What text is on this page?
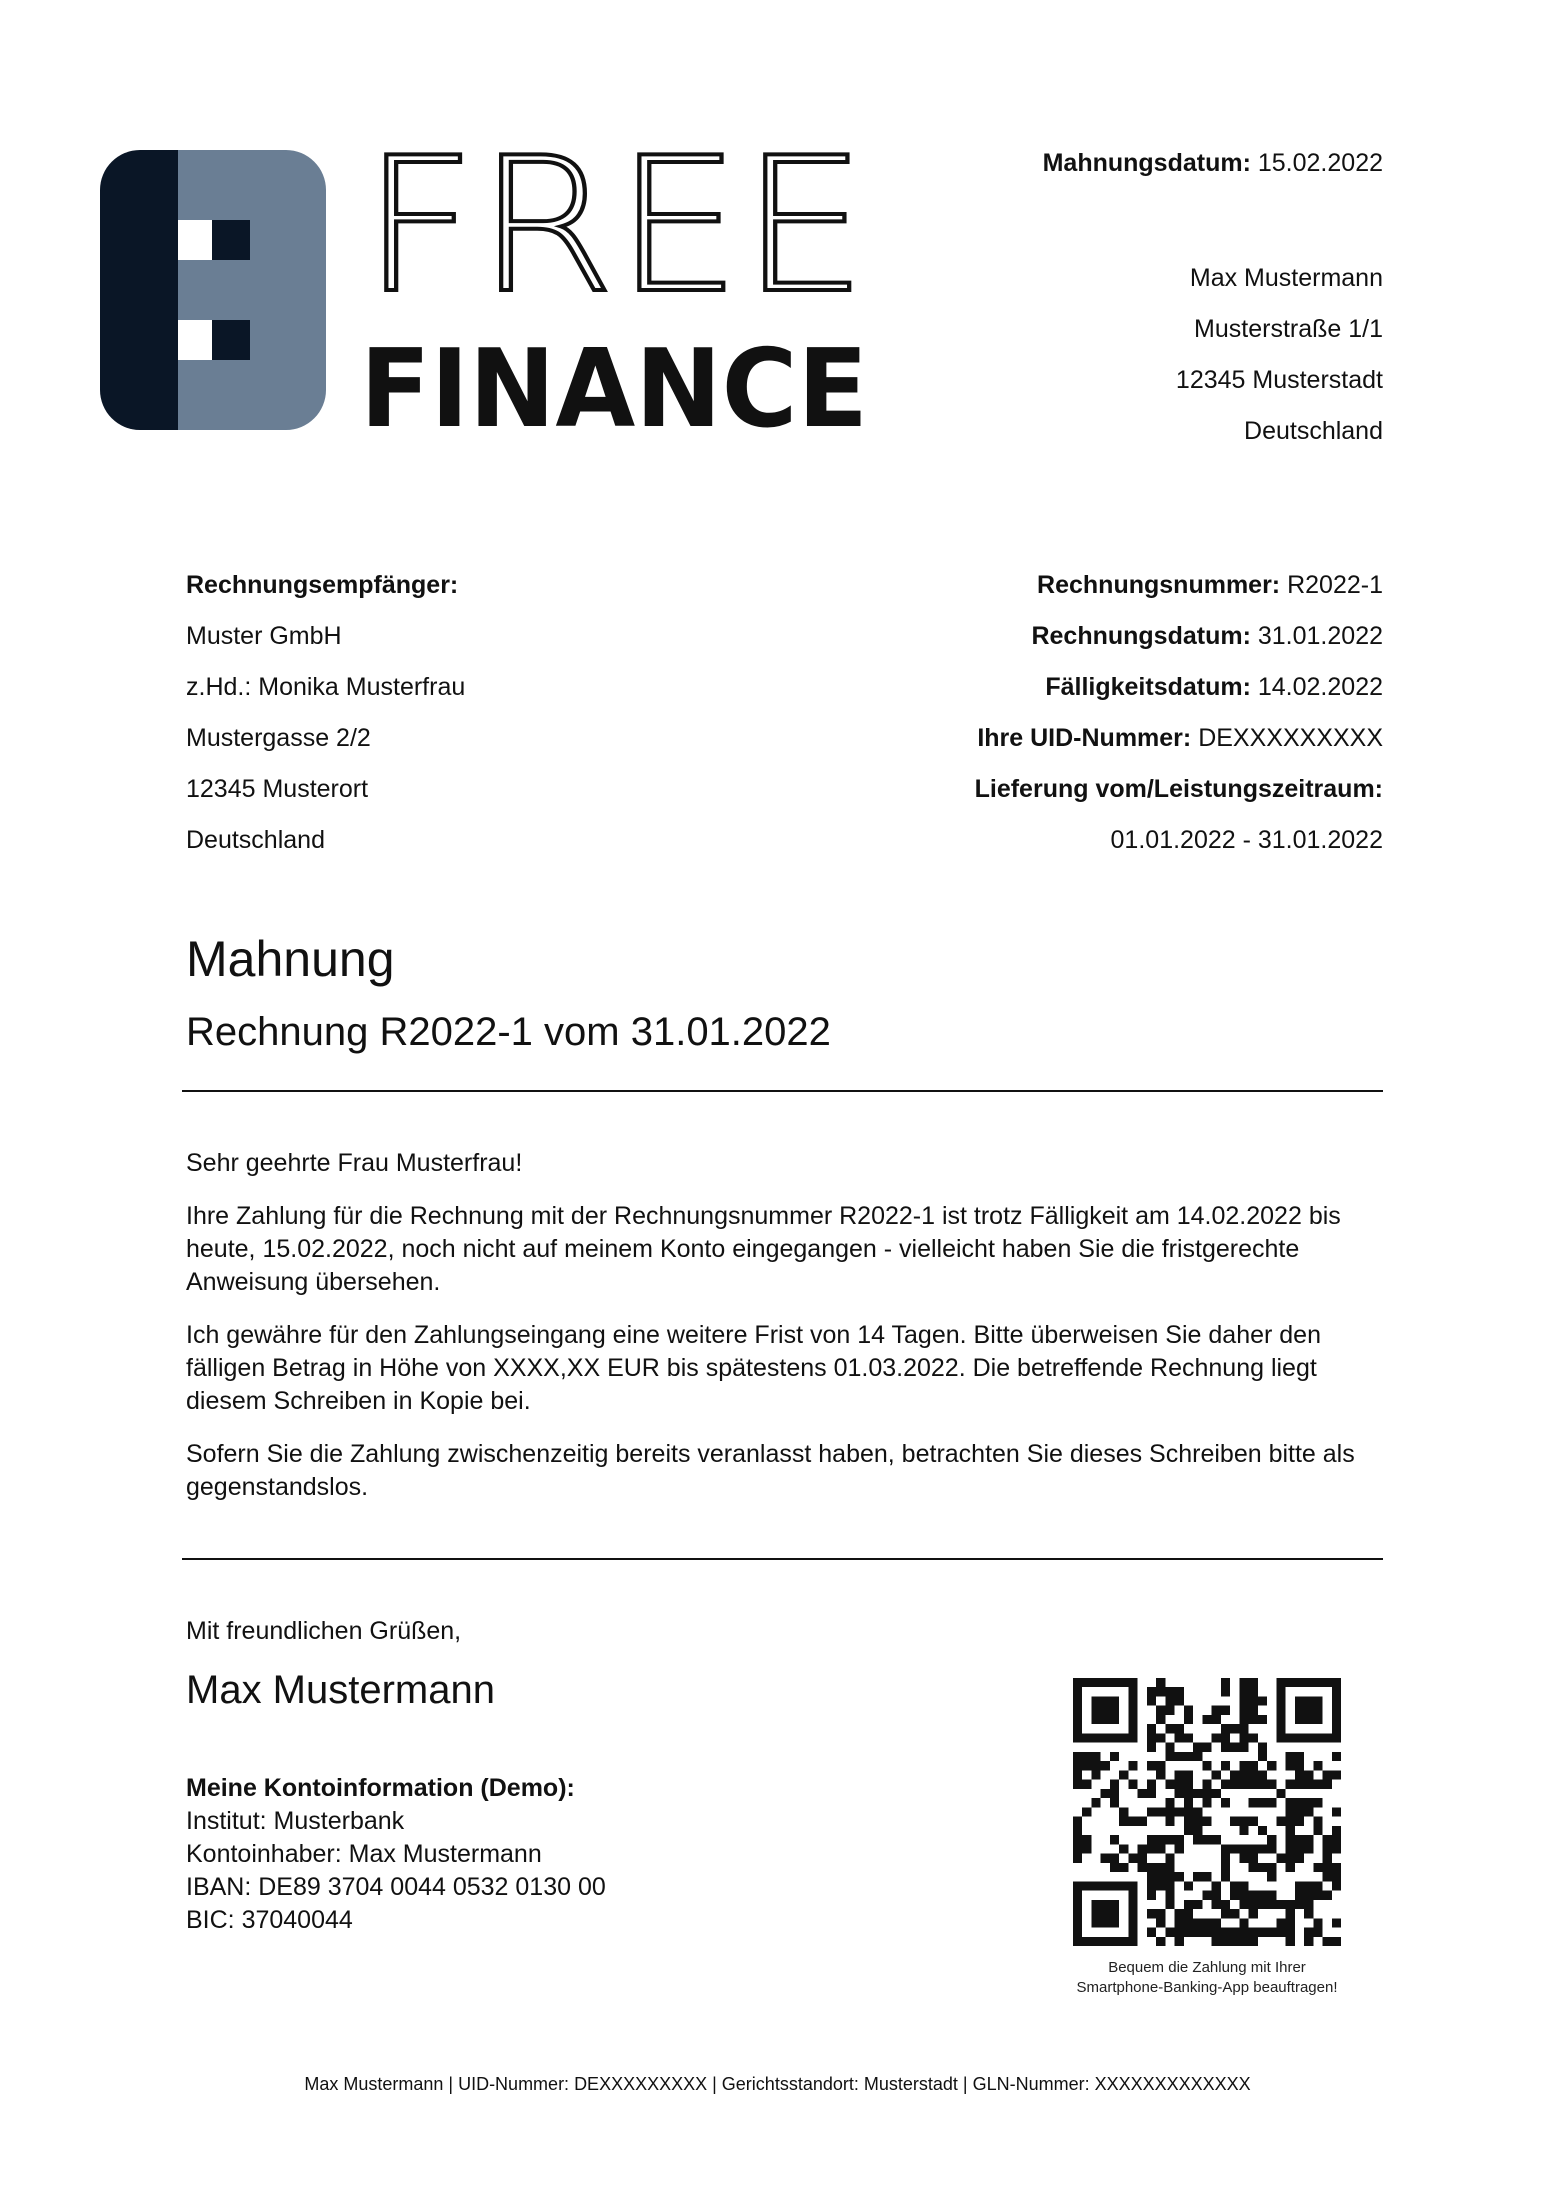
FREE
FINANCE
Mahnungsdatum: 15.02.2022
Max Mustermann
Musterstraße 1/1
12345 Musterstadt
Deutschland
Rechnungsempfänger:
Muster GmbH
z.Hd.: Monika Musterfrau
Mustergasse 2/2
12345 Musterort
Deutschland
Rechnungsnummer: R2022-1
Rechnungsdatum: 31.01.2022
Fälligkeitsdatum: 14.02.2022
Ihre UID-Nummer: DEXXXXXXXXX
Lieferung vom/Leistungszeitraum:
01.01.2022 - 31.01.2022
Mahnung
Rechnung R2022-1 vom 31.01.2022

Sehr geehrte Frau Musterfrau!

Ihre Zahlung für die Rechnung mit der Rechnungsnummer R2022-1 ist trotz Fälligkeit am 14.02.2022 bis heute, 15.02.2022, noch nicht auf meinem Konto eingegangen - vielleicht haben Sie die fristgerechte Anweisung übersehen.

Ich gewähre für den Zahlungseingang eine weitere Frist von 14 Tagen. Bitte überweisen Sie daher den fälligen Betrag in Höhe von XXXX,XX EUR bis spätestens 01.03.2022. Die betreffende Rechnung liegt diesem Schreiben in Kopie bei.

Sofern Sie die Zahlung zwischenzeitig bereits veranlasst haben, betrachten Sie dieses Schreiben bitte als gegenstandslos.

Mit freundlichen Grüßen,
Max Mustermann
Meine Kontoinformation (Demo):
Institut: Musterbank
Kontoinhaber: Max Mustermann
IBAN: DE89 3704 0044 0532 0130 00
BIC: 37040044
Bequem die Zahlung mit Ihrer
Smartphone-Banking-App beauftragen!
Max Mustermann | UID-Nummer: DEXXXXXXXXX | Gerichtsstandort: Musterstadt | GLN-Nummer: XXXXXXXXXXXXX
